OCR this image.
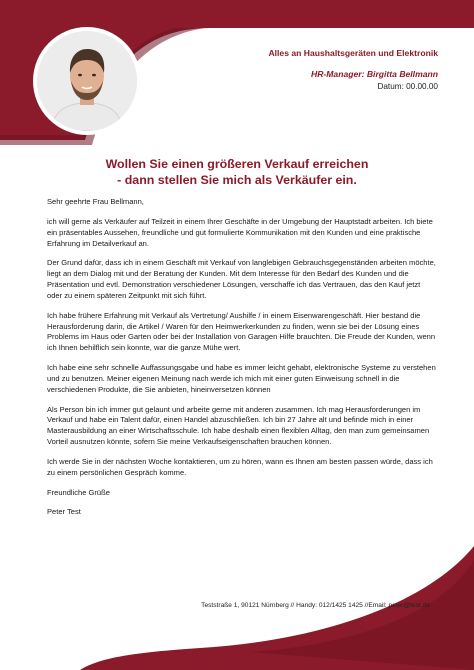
Alles an Haushaltsgeräten und Elektronik
HR-Manager: Birgitta Bellmann
Datum: 00.00.00
Wollen Sie einen größeren Verkauf erreichen
- dann stellen Sie mich als Verkäufer ein.

Sehr geehrte Frau Bellmann,

ich will gerne als Verkäufer auf Teilzeit in einem Ihrer Geschäfte in der Umgebung der Hauptstadt arbeiten. Ich biete ein präsentables Aussehen, freundliche und gut formulierte Kommunikation mit den Kunden und eine praktische Erfahrung im Detailverkauf an.

Der Grund dafür, dass ich in einem Geschäft mit Verkauf von langlebigen Gebrauchsgegenständen arbeiten möchte, liegt an dem Dialog mit und der Beratung der Kunden. Mit dem Interesse für den Bedarf des Kunden und die Präsentation und evtl. Demonstration verschiedener Lösungen, verschaffe ich das Vertrauen, das den Kauf jetzt oder zu einem späteren Zeitpunkt mit sich führt.

Ich habe frühere Erfahrung mit Verkauf als Vertretung/ Aushilfe / in einem Eisenwarengeschäft. Hier bestand die Herausforderung darin, die Artikel / Waren für den Heimwerkerkunden zu finden, wenn sie bei der Lösung eines Problems im Haus oder Garten oder bei der Installation von Garagen Hilfe brauchten. Die Freude der Kunden, wenn ich Ihnen behilflich sein konnte, war die ganze Mühe wert.

Ich habe eine sehr schnelle Auffassungsgabe und habe es immer leicht gehabt, elektronische Systeme zu verstehen und zu benutzen. Meiner eigenen Meinung nach werde ich mich mit einer guten Einweisung schnell in die verschiedenen Produkte, die Sie anbieten, hineinversetzen können

Als Person bin ich immer gut gelaunt und arbeite gerne mit anderen zusammen. Ich mag Herausforderungen im Verkauf und habe ein Talent dafür, einen Handel abzuschließen. Ich bin 27 Jahre alt und befinde mich in einer Masterausbildung an einer Wirtschaftsschule. Ich habe deshalb einen flexiblen Alltag, den man zum gemeinsamen Vorteil ausnutzen könnte, sofern Sie meine Verkaufseigenschaften brauchen können.

Ich werde Sie in der nächsten Woche kontaktieren, um zu hören, wann es Ihnen am besten passen würde, dass ich zu einem persönlichen Gespräch komme.

Freundliche Grüße

Peter Test

Teststraße 1, 90121 Nürnberg // Handy: 012/1425 1425 //Email: peter@test.de
